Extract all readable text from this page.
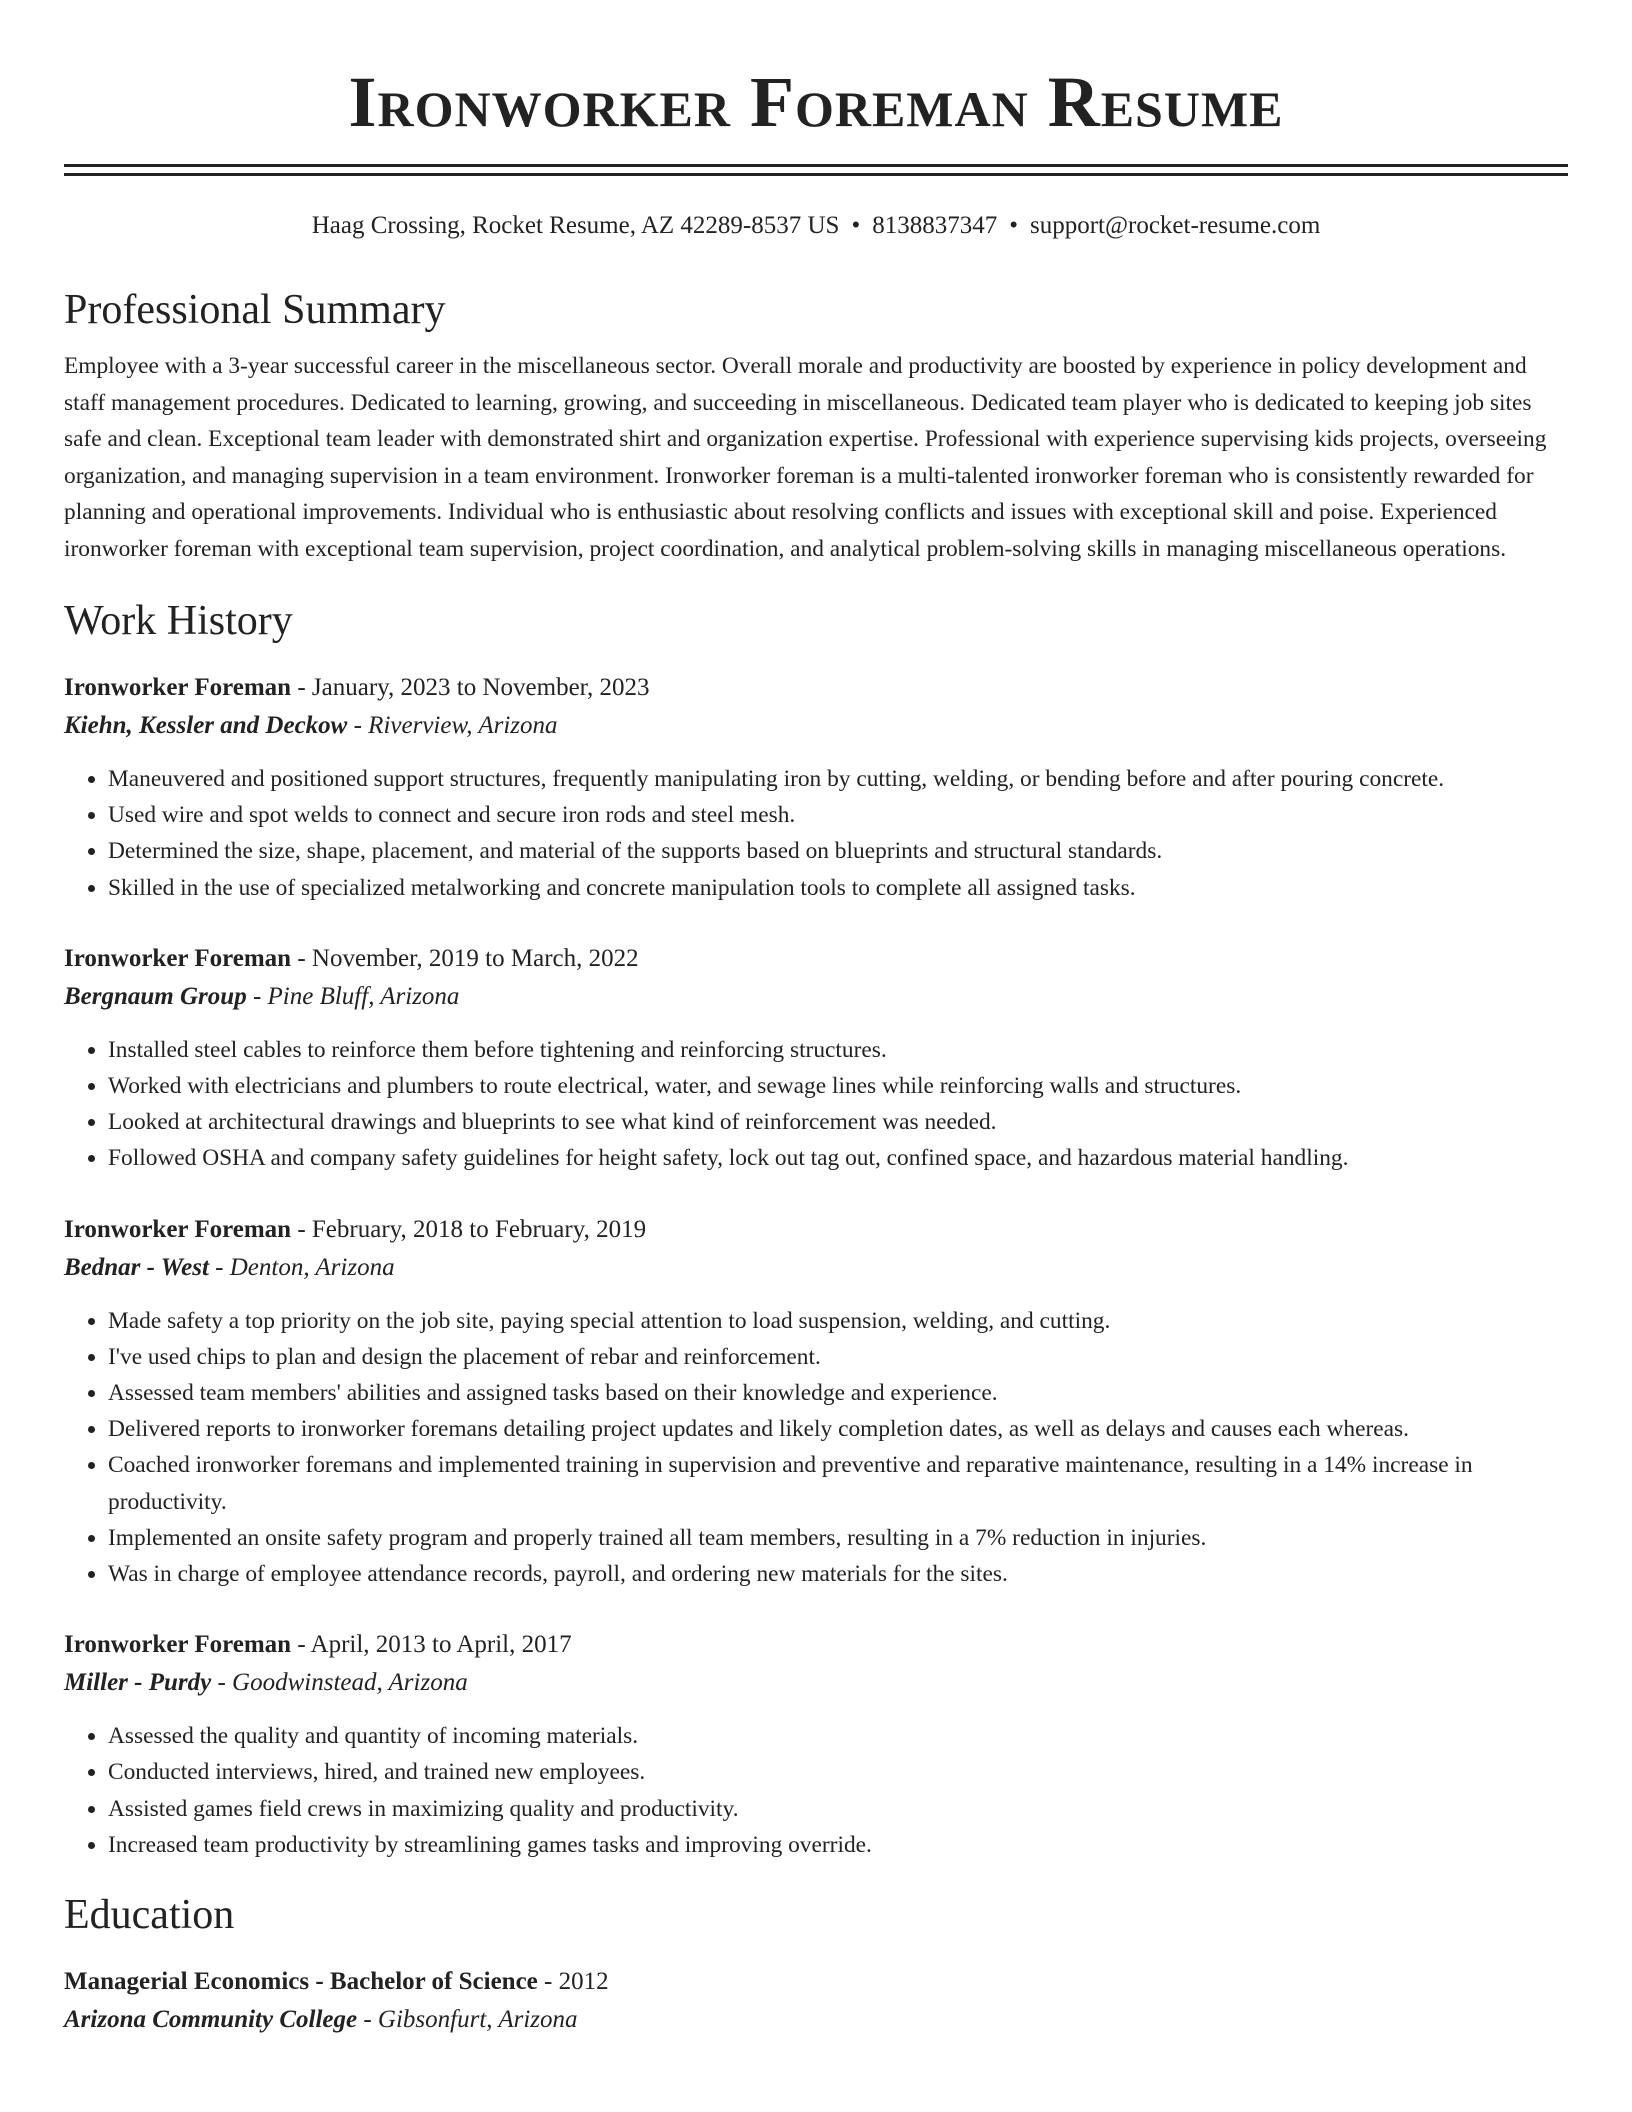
Ironworker Foreman Resume
Haag Crossing, Rocket Resume, AZ 42289-8537 US • 8138837347 • support@rocket-resume.com
Professional Summary

Employee with a 3-year successful career in the miscellaneous sector. Overall morale and productivity are boosted by experience in policy development and staff management procedures. Dedicated to learning, growing, and succeeding in miscellaneous. Dedicated team player who is dedicated to keeping job sites safe and clean. Exceptional team leader with demonstrated shirt and organization expertise. Professional with experience supervising kids projects, overseeing organization, and managing supervision in a team environment. Ironworker foreman is a multi-talented ironworker foreman who is consistently rewarded for planning and operational improvements. Individual who is enthusiastic about resolving conflicts and issues with exceptional skill and poise. Experienced ironworker foreman with exceptional team supervision, project coordination, and analytical problem-solving skills in managing miscellaneous operations.

Work History
Ironworker Foreman - January, 2023 to November, 2023
Kiehn, Kessler and Deckow - Riverview, Arizona
• Maneuvered and positioned support structures, frequently manipulating iron by cutting, welding, or bending before and after pouring concrete.
• Used wire and spot welds to connect and secure iron rods and steel mesh.
• Determined the size, shape, placement, and material of the supports based on blueprints and structural standards.
• Skilled in the use of specialized metalworking and concrete manipulation tools to complete all assigned tasks.
Ironworker Foreman - November, 2019 to March, 2022
Bergnaum Group - Pine Bluff, Arizona
• Installed steel cables to reinforce them before tightening and reinforcing structures.
• Worked with electricians and plumbers to route electrical, water, and sewage lines while reinforcing walls and structures.
• Looked at architectural drawings and blueprints to see what kind of reinforcement was needed.
• Followed OSHA and company safety guidelines for height safety, lock out tag out, confined space, and hazardous material handling.
Ironworker Foreman - February, 2018 to February, 2019
Bednar - West - Denton, Arizona
• Made safety a top priority on the job site, paying special attention to load suspension, welding, and cutting.
• I've used chips to plan and design the placement of rebar and reinforcement.
• Assessed team members' abilities and assigned tasks based on their knowledge and experience.
• Delivered reports to ironworker foremans detailing project updates and likely completion dates, as well as delays and causes each whereas.
• Coached ironworker foremans and implemented training in supervision and preventive and reparative maintenance, resulting in a 14% increase in productivity.
• Implemented an onsite safety program and properly trained all team members, resulting in a 7% reduction in injuries.
• Was in charge of employee attendance records, payroll, and ordering new materials for the sites.
Ironworker Foreman - April, 2013 to April, 2017
Miller - Purdy - Goodwinstead, Arizona
• Assessed the quality and quantity of incoming materials.
• Conducted interviews, hired, and trained new employees.
• Assisted games field crews in maximizing quality and productivity.
• Increased team productivity by streamlining games tasks and improving override.
Education
Managerial Economics - Bachelor of Science - 2012
Arizona Community College - Gibsonfurt, Arizona
